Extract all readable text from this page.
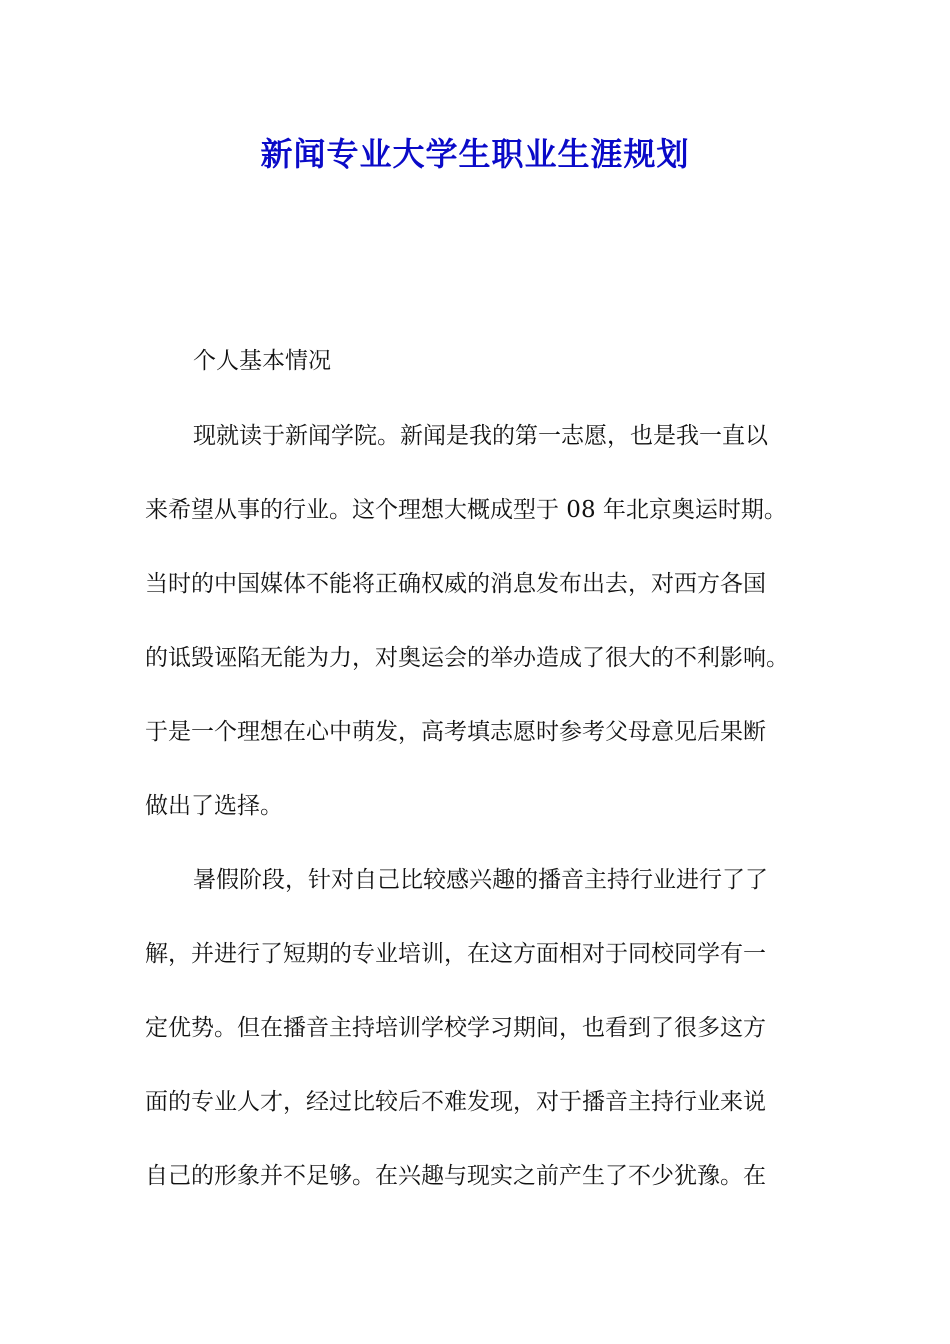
新闻专业大学生职业生涯规划
个人基本情况
现就读于新闻学院。新闻是我的第一志愿，也是我一直以
来希望从事的行业。这个理想大概成型于 08 年北京奥运时期。
当时的中国媒体不能将正确权威的消息发布出去，对西方各国
的诋毁诬陷无能为力，对奥运会的举办造成了很大的不利影响。
于是一个理想在心中萌发，高考填志愿时参考父母意见后果断
做出了选择。
暑假阶段，针对自己比较感兴趣的播音主持行业进行了了
解，并进行了短期的专业培训，在这方面相对于同校同学有一
定优势。但在播音主持培训学校学习期间，也看到了很多这方
面的专业人才，经过比较后不难发现，对于播音主持行业来说
自己的形象并不足够。在兴趣与现实之前产生了不少犹豫。在
